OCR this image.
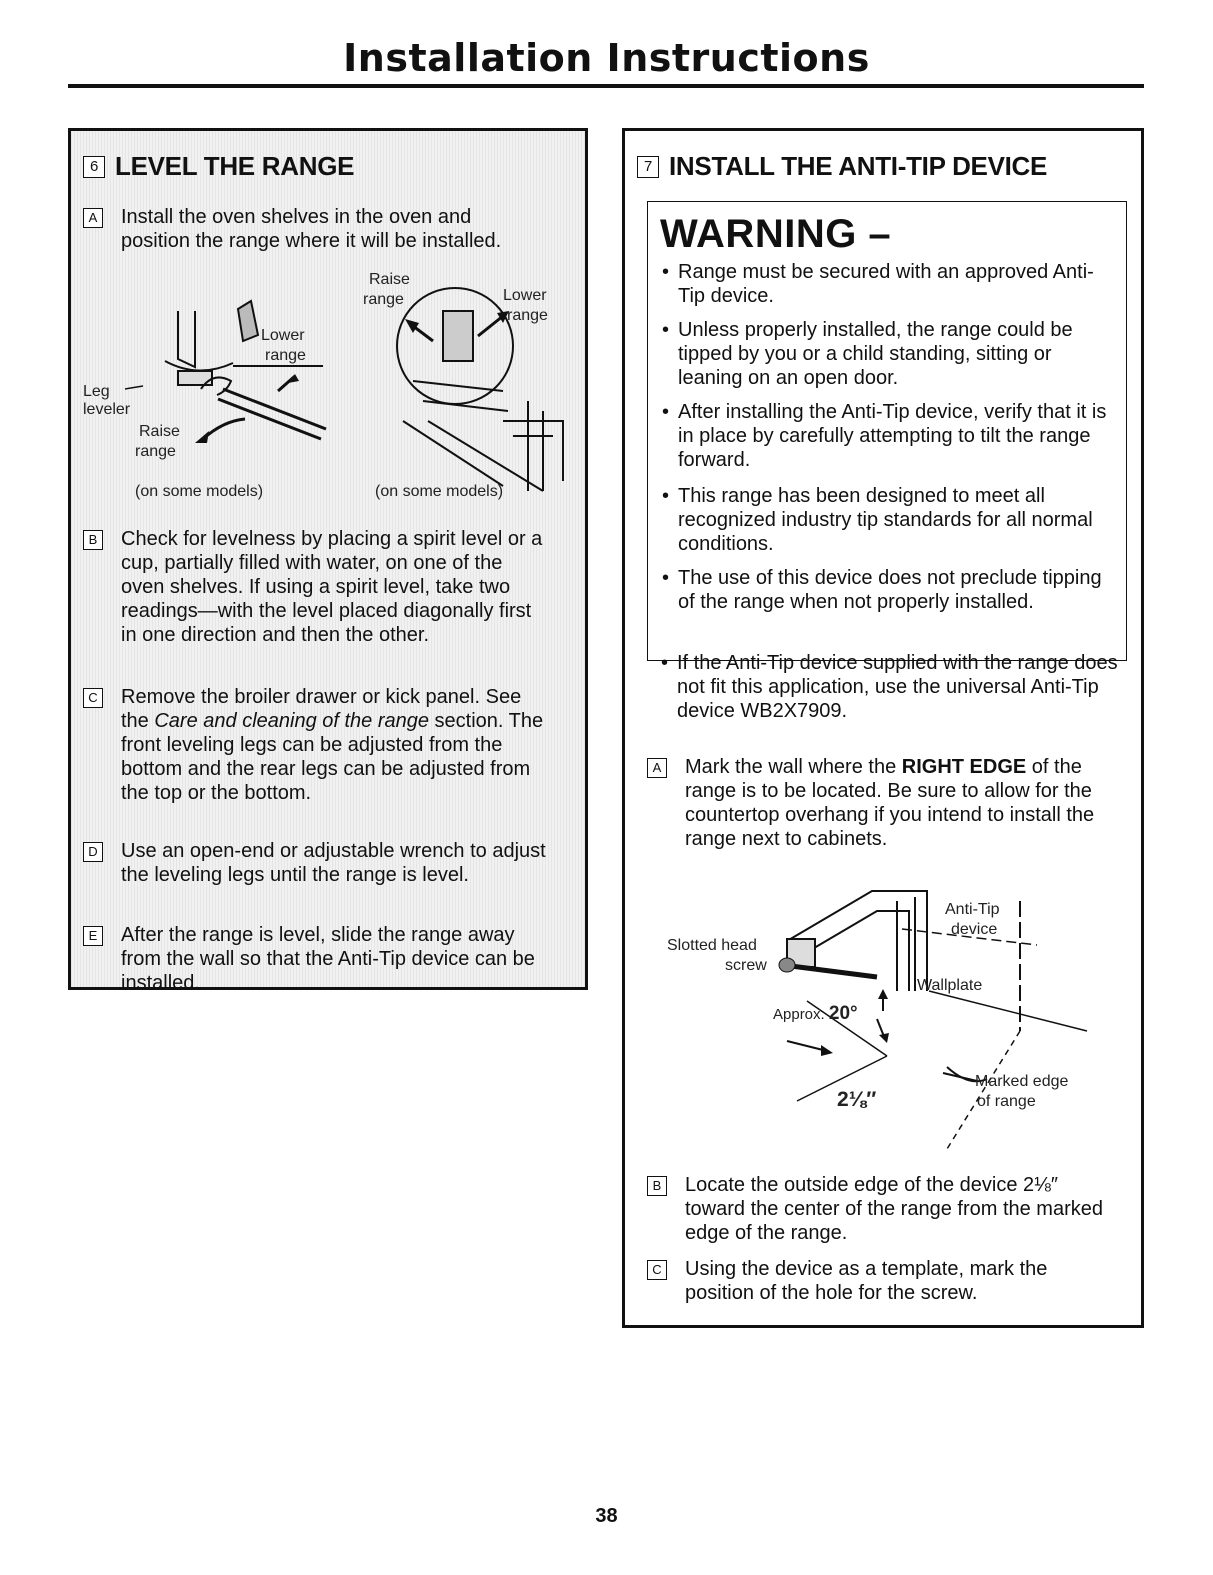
Installation Instructions
6 LEVEL THE RANGE
A Install the oven shelves in the oven and position the range where it will be installed.
Leg
leveler
Lower
range
Raise
range
Raise
range	Lower
range
(on some models)	(on some models)
B Check for levelness by placing a spirit level or a cup, partially filled with water, on one of the oven shelves. If using a spirit level, take two readings—with the level placed diagonally first in one direction and then the other.
C Remove the broiler drawer or kick panel. See the Care and cleaning of the range section. The front leveling legs can be adjusted from the bottom and the rear legs can be adjusted from the top or the bottom.
D Use an open-end or adjustable wrench to adjust the leveling legs until the range is level.
E After the range is level, slide the range away from the wall so that the Anti-Tip device can be installed.
7 INSTALL THE ANTI-TIP DEVICE
WARNING –
• Range must be secured with an approved Anti-Tip device.
• Unless properly installed, the range could be tipped by you or a child standing, sitting or leaning on an open door.
• After installing the Anti-Tip device, verify that it is in place by carefully attempting to tilt the range forward.
• This range has been designed to meet all recognized industry tip standards for all normal conditions.
• The use of this device does not preclude tipping of the range when not properly installed.
• If the Anti-Tip device supplied with the range does not fit this application, use the universal Anti-Tip device WB2X7909.
A Mark the wall where the RIGHT EDGE of the range is to be located. Be sure to allow for the countertop overhang if you intend to install the range next to cabinets.
Anti-Tip
device
Slotted head
screw
Wallplate
Approx. 20°
2⅛″
Marked edge
of range
B Locate the outside edge of the device 2⅛″ toward the center of the range from the marked edge of the range.
C Using the device as a template, mark the position of the hole for the screw.
38
